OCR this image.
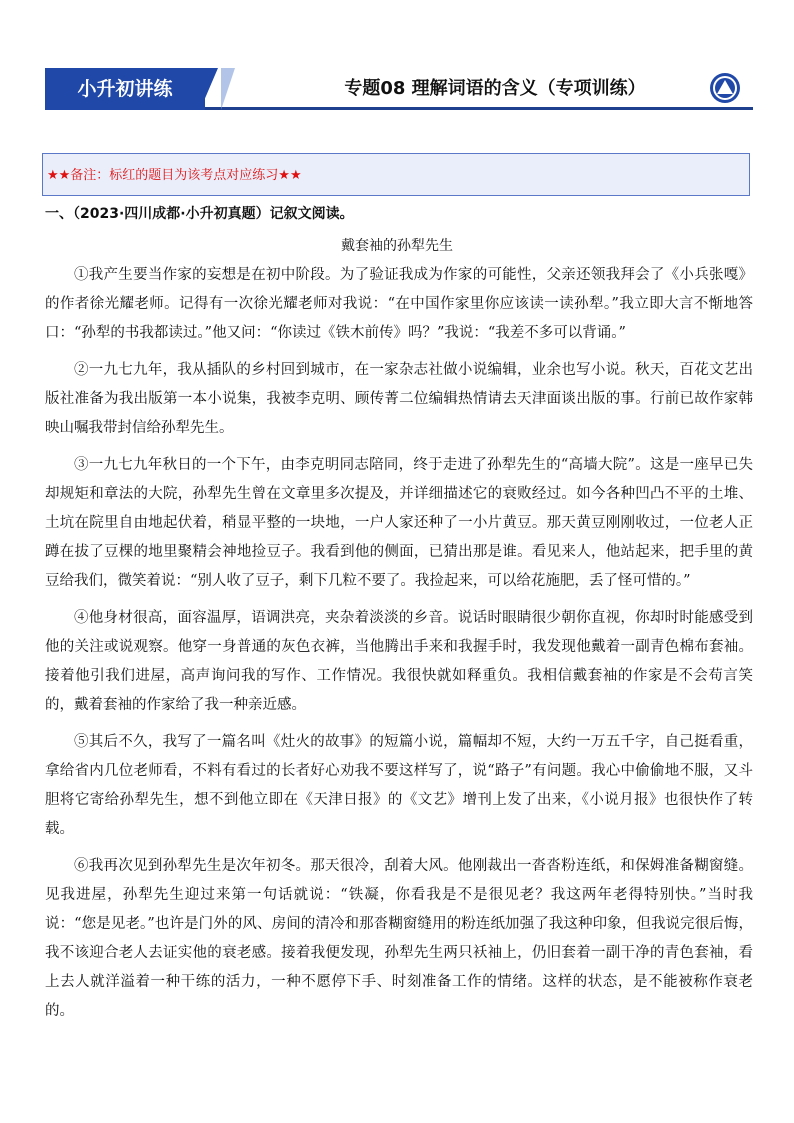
小升初讲练	专题08 理解词语的含义（专项训练）
★★备注：标红的题目为该考点对应练习★★
一、（2023·四川成都·小升初真题）记叙文阅读。
戴套袖的孙犁先生

①我产生要当作家的妄想是在初中阶段。为了验证我成为作家的可能性，父亲还领我拜会了《小兵张嘎》的作者徐光耀老师。记得有一次徐光耀老师对我说：“在中国作家里你应该读一读孙犁。”我立即大言不惭地答口：“孙犁的书我都读过。”他又问：“你读过《铁木前传》吗？”我说：“我差不多可以背诵。”

②一九七九年，我从插队的乡村回到城市，在一家杂志社做小说编辑，业余也写小说。秋天，百花文艺出版社准备为我出版第一本小说集，我被李克明、顾传菁二位编辑热情请去天津面谈出版的事。行前已故作家韩映山嘱我带封信给孙犁先生。

③一九七九年秋日的一个下午，由李克明同志陪同，终于走进了孙犁先生的“高墙大院”。这是一座早已失却规矩和章法的大院，孙犁先生曾在文章里多次提及，并详细描述它的衰败经过。如今各种凹凸不平的土堆、土坑在院里自由地起伏着，稍显平整的一块地，一户人家还种了一小片黄豆。那天黄豆刚刚收过，一位老人正蹲在拔了豆棵的地里聚精会神地捡豆子。我看到他的侧面，已猜出那是谁。看见来人，他站起来，把手里的黄豆给我们，微笑着说：“别人收了豆子，剩下几粒不要了。我捡起来，可以给花施肥，丢了怪可惜的。”

④他身材很高，面容温厚，语调洪亮，夹杂着淡淡的乡音。说话时眼睛很少朝你直视，你却时时能感受到他的关注或说观察。他穿一身普通的灰色衣裤，当他腾出手来和我握手时，我发现他戴着一副青色棉布套袖。接着他引我们进屋，高声询问我的写作、工作情况。我很快就如释重负。我相信戴套袖的作家是不会苟言笑的，戴着套袖的作家给了我一种亲近感。

⑤其后不久，我写了一篇名叫《灶火的故事》的短篇小说，篇幅却不短，大约一万五千字，自己挺看重，拿给省内几位老师看，不料有看过的长者好心劝我不要这样写了，说“路子”有问题。我心中偷偷地不服，又斗胆将它寄给孙犁先生，想不到他立即在《天津日报》的《文艺》增刊上发了出来，《小说月报》也很快作了转载。

⑥我再次见到孙犁先生是次年初冬。那天很冷，刮着大风。他刚裁出一沓沓粉连纸，和保姆准备糊窗缝。见我进屋，孙犁先生迎过来第一句话就说：“铁凝，你看我是不是很见老？我这两年老得特别快。”当时我说：“您是见老。”也许是门外的风、房间的清冷和那沓糊窗缝用的粉连纸加强了我这种印象，但我说完很后悔，我不该迎合老人去证实他的衰老感。接着我便发现，孙犁先生两只袄袖上，仍旧套着一副干净的青色套袖，看上去人就洋溢着一种干练的活力，一种不愿停下手、时刻准备工作的情绪。这样的状态，是不能被称作衰老的。
